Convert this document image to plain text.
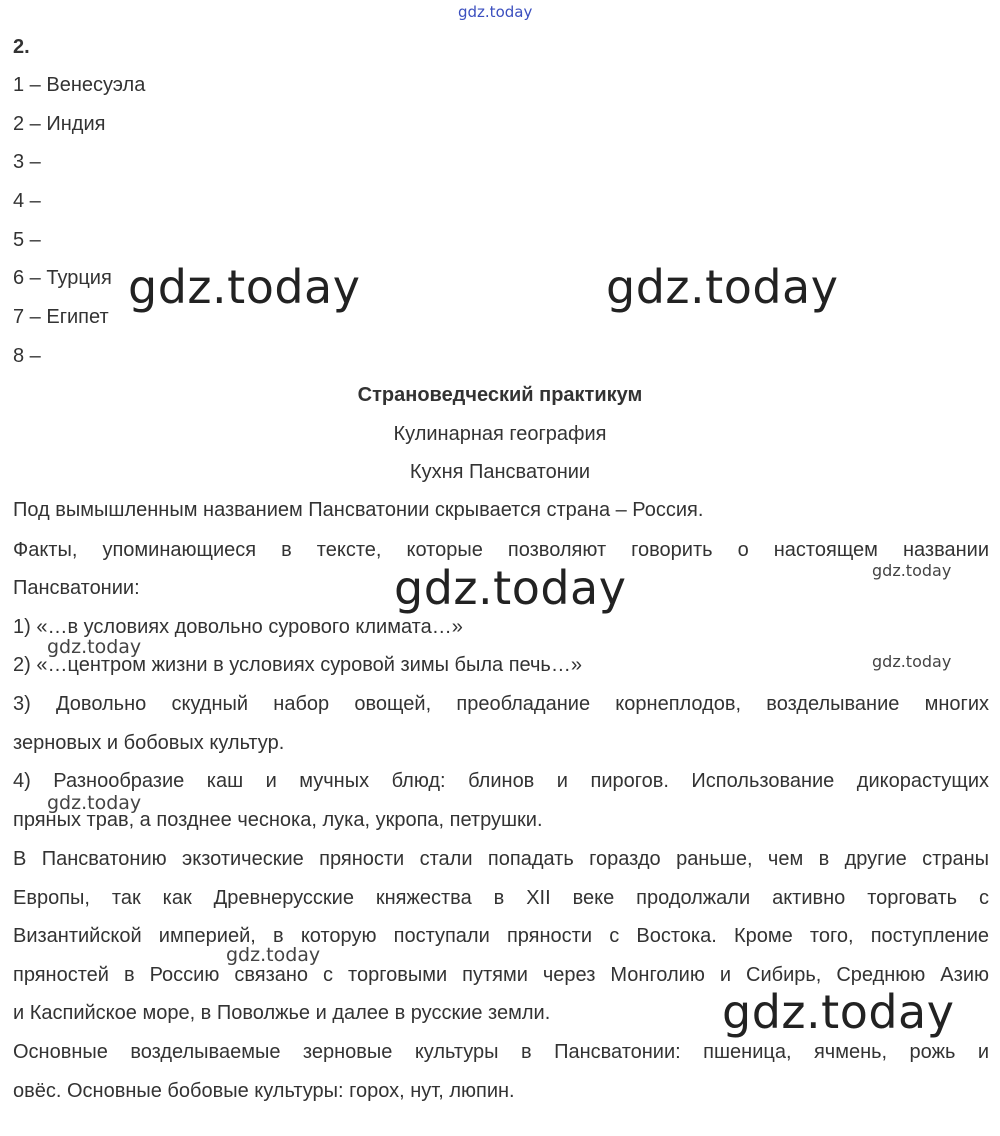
gdz.today
2.
1 – Венесуэла
2 – Индия
3 –
4 –
5 –
6 – Турция
7 – Египет
8 –
Страноведческий практикум
Кулинарная география
Кухня Пансватонии
Под вымышленным названием Пансватонии скрывается страна – Россия.
Факты, упоминающиеся в тексте, которые позволяют говорить о настоящем названии
Пансватонии:
1) «…в условиях довольно сурового климата…»
2) «…центром жизни в условиях суровой зимы была печь…»
3) Довольно скудный набор овощей, преобладание корнеплодов, возделывание многих
зерновых и бобовых культур.
4) Разнообразие каш и мучных блюд: блинов и пирогов. Использование дикорастущих
пряных трав, а позднее чеснока, лука, укропа, петрушки.
В Пансватонию экзотические пряности стали попадать гораздо раньше, чем в другие страны
Европы, так как Древнерусские княжества в XII веке продолжали активно торговать с
Византийской империей, в которую поступали пряности с Востока. Кроме того, поступление
пряностей в Россию связано с торговыми путями через Монголию и Сибирь, Среднюю Азию
и Каспийское море, в Поволжье и далее в русские земли.
Основные возделываемые зерновые культуры в Пансватонии: пшеница, ячмень, рожь и
овёс. Основные бобовые культуры: горох, нут, люпин.
gdz.today	gdz.today
gdz.today
gdz.today
gdz.today
gdz.today
gdz.today
gdz.today
gdz.today
